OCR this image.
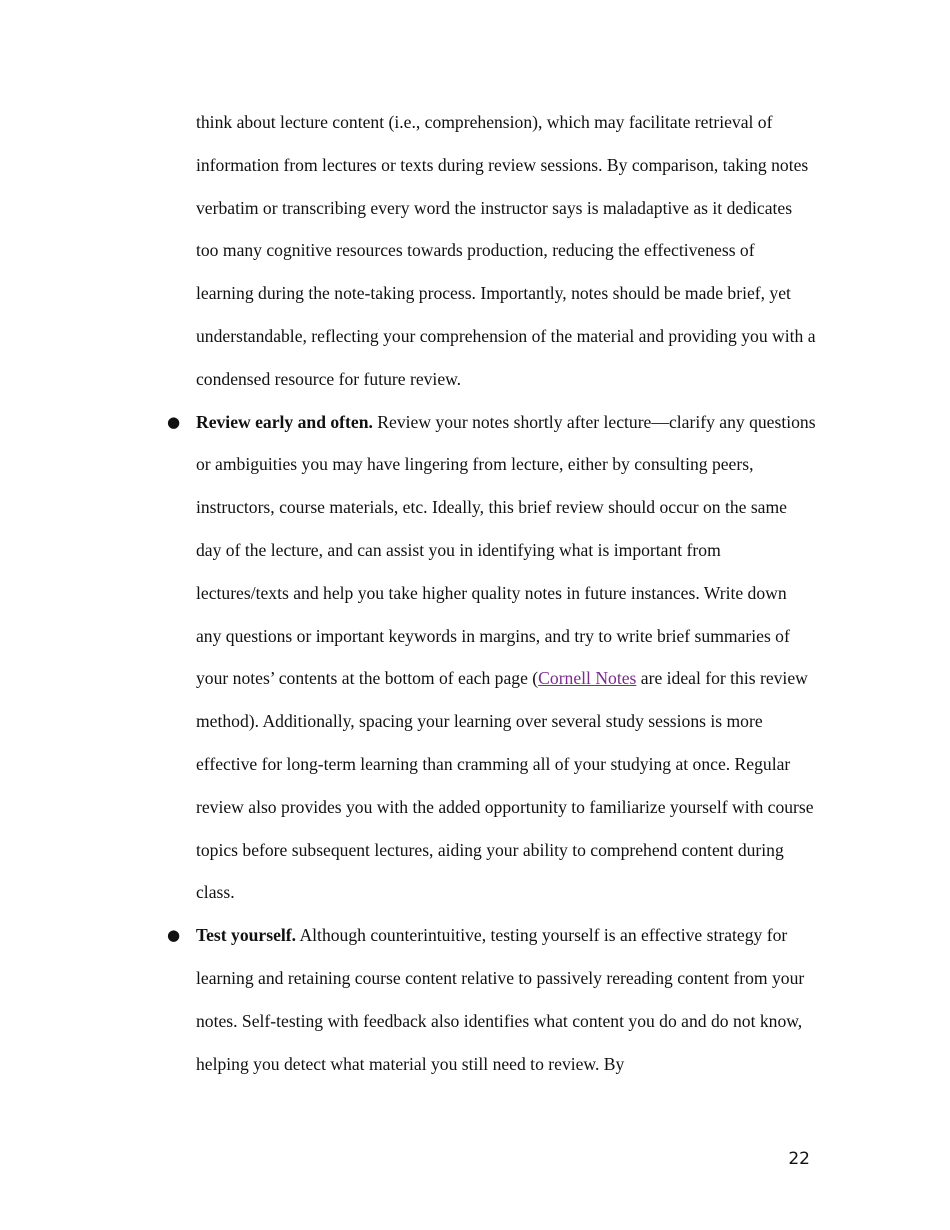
think about lecture content (i.e., comprehension), which may facilitate retrieval of information from lectures or texts during review sessions. By comparison, taking notes verbatim or transcribing every word the instructor says is maladaptive as it dedicates too many cognitive resources towards production, reducing the effectiveness of learning during the note-taking process. Importantly, notes should be made brief, yet understandable, reflecting your comprehension of the material and providing you with a condensed resource for future review.

● Review early and often. Review your notes shortly after lecture—clarify any questions or ambiguities you may have lingering from lecture, either by consulting peers, instructors, course materials, etc. Ideally, this brief review should occur on the same day of the lecture, and can assist you in identifying what is important from lectures/texts and help you take higher quality notes in future instances. Write down any questions or important keywords in margins, and try to write brief summaries of your notes’ contents at the bottom of each page (Cornell Notes are ideal for this review method). Additionally, spacing your learning over several study sessions is more effective for long-term learning than cramming all of your studying at once. Regular review also provides you with the added opportunity to familiarize yourself with course topics before subsequent lectures, aiding your ability to comprehend content during class.
● Test yourself. Although counterintuitive, testing yourself is an effective strategy for learning and retaining course content relative to passively rereading content from your notes. Self-testing with feedback also identifies what content you do and do not know, helping you detect what material you still need to review. By
22
